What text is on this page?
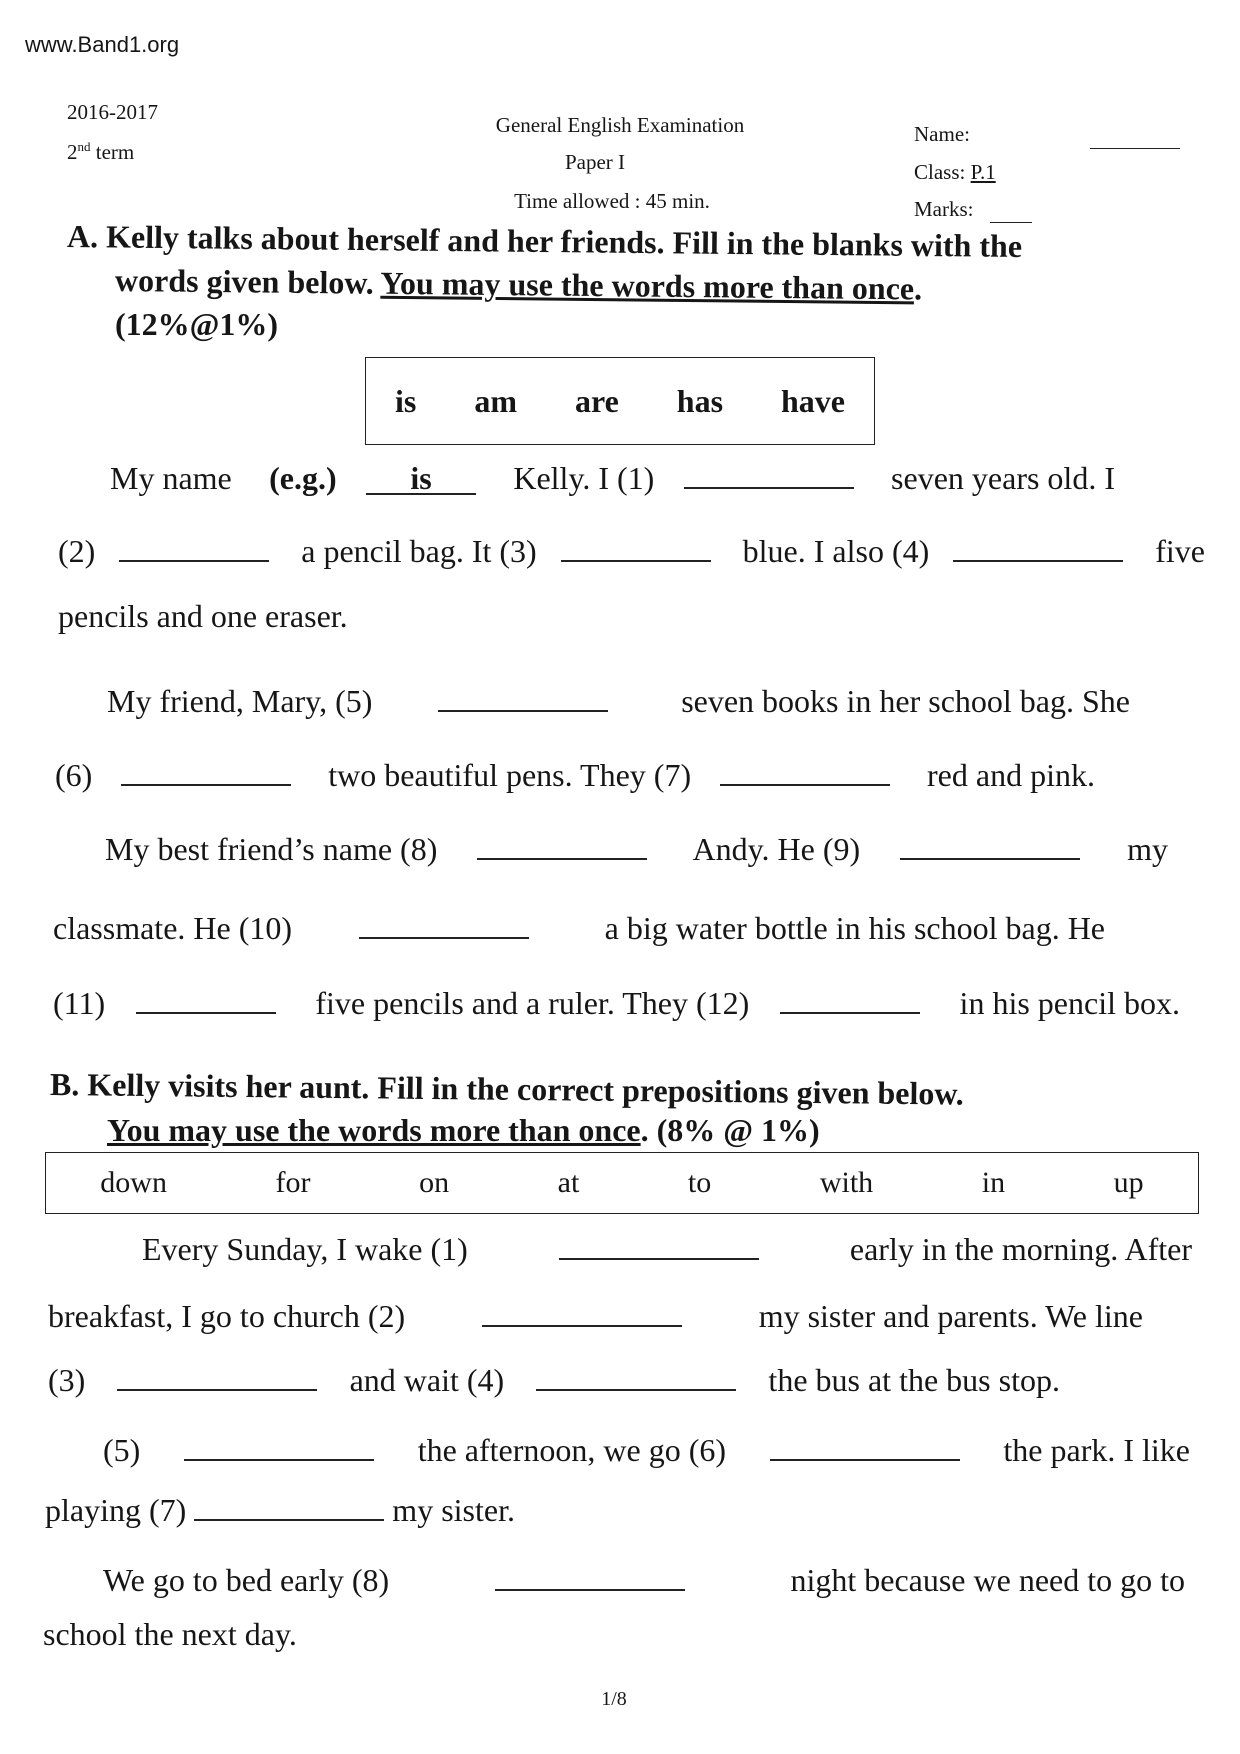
www.Band1.org
2016-2017
2nd term
General English Examination
Paper I
Time allowed : 45 min.
Name:
Class: P.1
Marks:
A. Kelly talks about herself and her friends. Fill in the blanks with the
words given below. You may use the words more than once.
(12%@1%)
is am are has have
My name (e.g.)	is	Kelly. I (1)	seven years old. I
(2)	a pencil bag. It (3)	blue. I also (4)	five
pencils and one eraser.
My friend, Mary, (5)	seven books in her school bag. She
(6)	two beautiful pens. They (7)	red and pink.
My best friend’s name (8)	Andy. He (9)	my
classmate. He (10)	a big water bottle in his school bag. He
(11)	five pencils and a ruler. They (12)	in his pencil box.
B. Kelly visits her aunt. Fill in the correct prepositions given below.
You may use the words more than once. (8% @ 1%)
down	for	on	at	to	with	in	up
Every Sunday, I wake (1)	early in the morning. After
breakfast, I go to church (2)	my sister and parents. We line
(3)	and wait (4)	the bus at the bus stop.
(5)	the afternoon, we go (6)	the park. I like
playing (7)	my sister.
We go to bed early (8)	night because we need to go to
school the next day.
1/8
